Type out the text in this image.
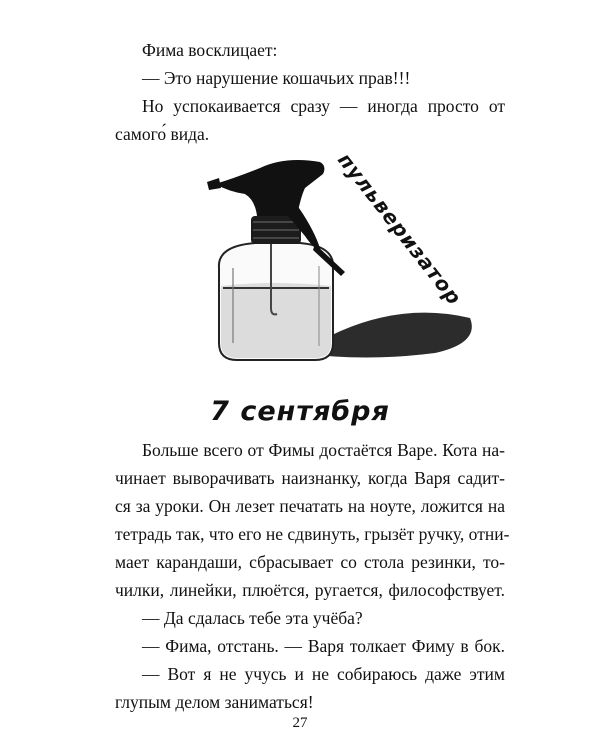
Фима восклицает:
— Это нарушение кошачьих прав!!!
Но успокаивается сразу — иногда просто от
самого́ вида.
пульверизатор
7 сентября
Больше всего от Фимы достаётся Варе. Кота на-
чинает выворачивать наизнанку, когда Варя садит-
ся за уроки. Он лезет печатать на ноуте, ложится на
тетрадь так, что его не сдвинуть, грызёт ручку, отни-
мает карандаши, сбрасывает со стола резинки, то-
чилки, линейки, плюётся, ругается, философствует.
— Да сдалась тебе эта учёба?
— Фима, отстань. — Варя толкает Фиму в бок.
— Вот я не учусь и не собираюсь даже этим
глупым делом заниматься!
27
